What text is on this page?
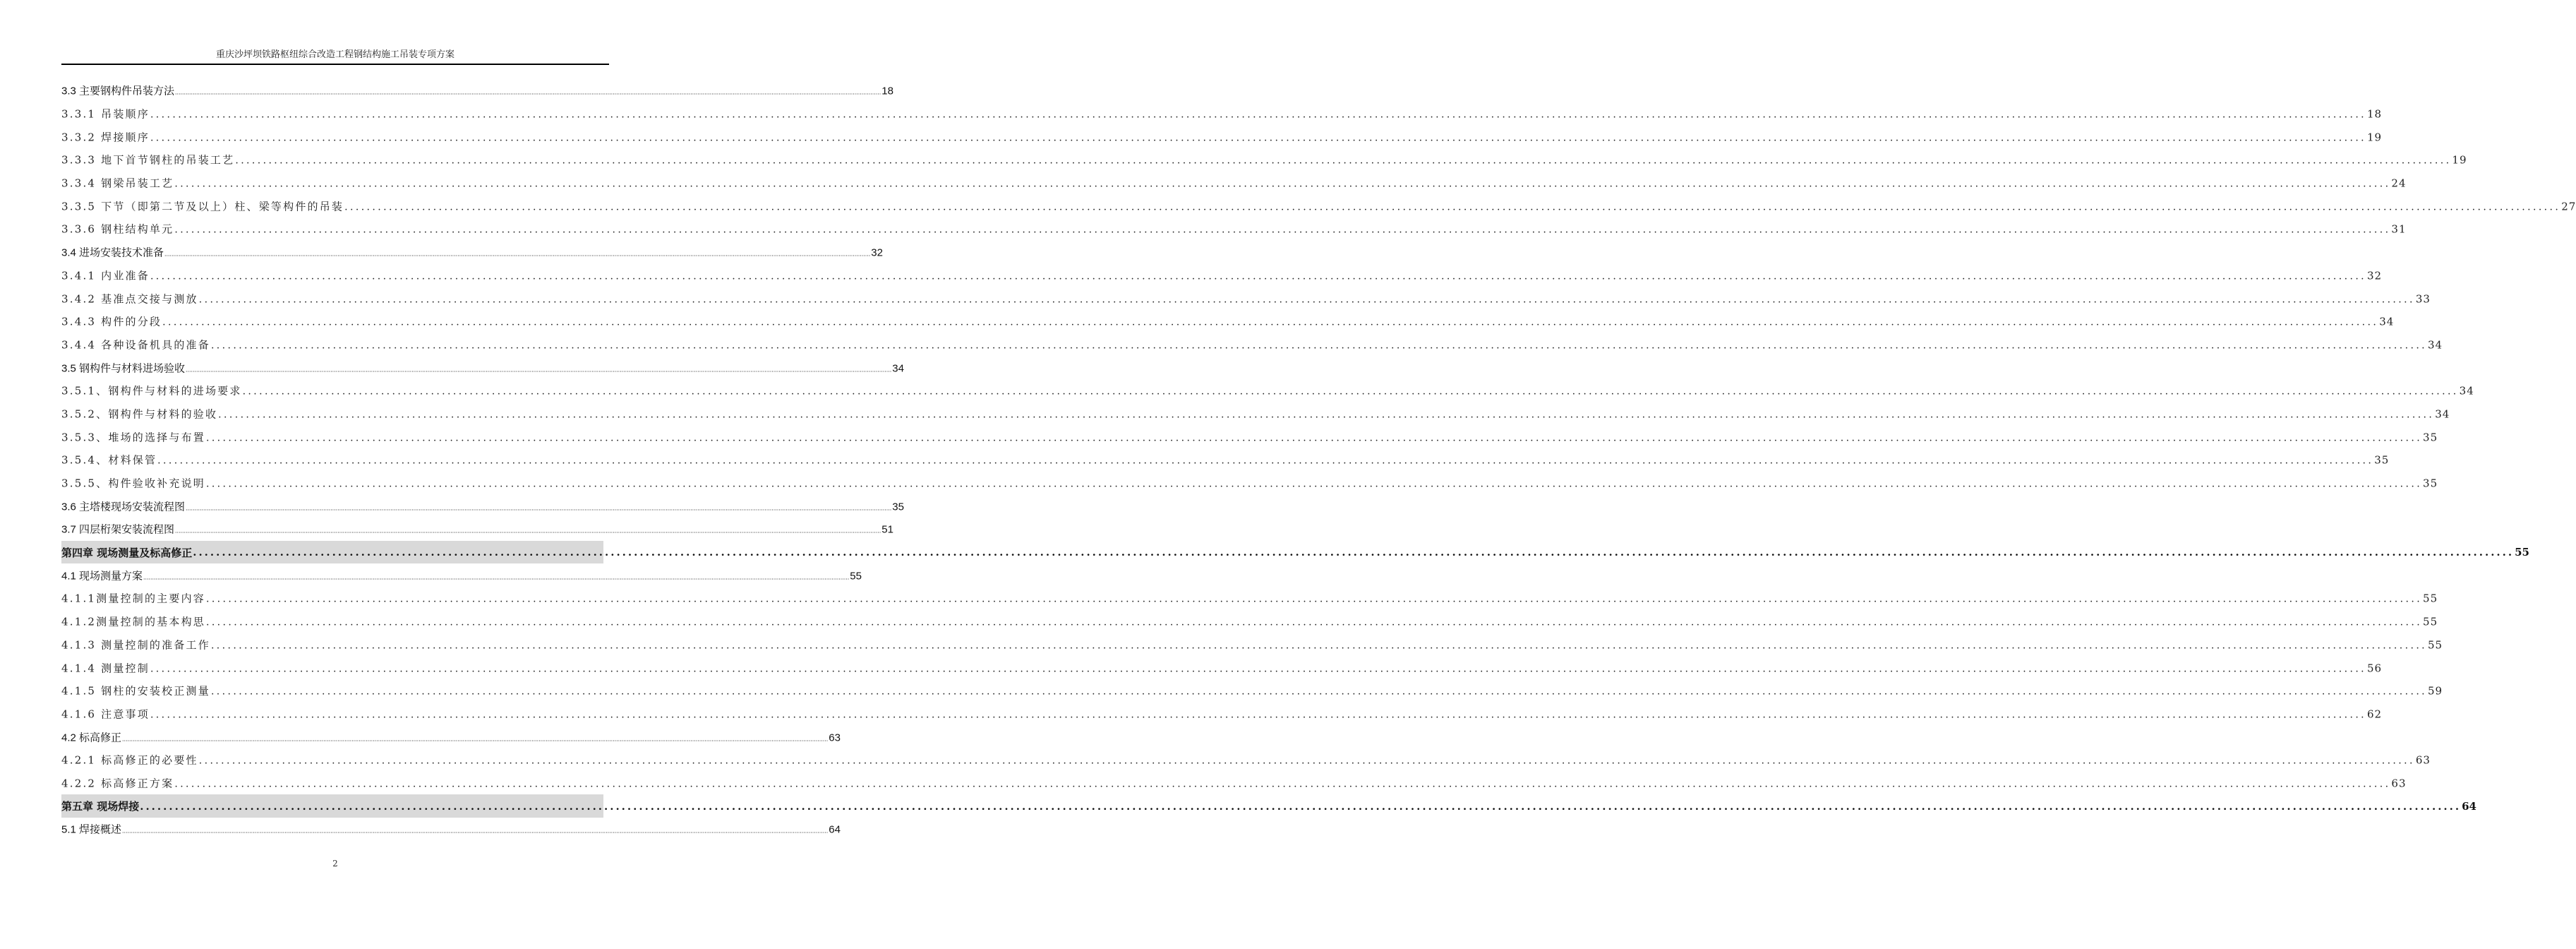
重庆沙坪坝铁路枢纽综合改造工程钢结构施工吊装专项方案
3.3 主要钢构件吊装方法 ................................................................................................................................................................................................................................................................................................................................................................................................................ 18
3.3.1 吊装顺序 ................................................................................................................................................................................................................................................................................................................................................................................................................ 18
3.3.2 焊接顺序 ................................................................................................................................................................................................................................................................................................................................................................................................................ 19
3.3.3 地下首节钢柱的吊装工艺 ................................................................................................................................................................................................................................................................................................................................................................................................................ 19
3.3.4 钢梁吊装工艺 ................................................................................................................................................................................................................................................................................................................................................................................................................ 24
3.3.5 下节（即第二节及以上）柱、梁等构件的吊装 ................................................................................................................................................................................................................................................................................................................................................................................................................ 27
3.3.6 钢柱结构单元 ................................................................................................................................................................................................................................................................................................................................................................................................................ 31
3.4 进场安装技术准备 ................................................................................................................................................................................................................................................................................................................................................................................................................ 32
3.4.1 内业准备 ................................................................................................................................................................................................................................................................................................................................................................................................................ 32
3.4.2 基准点交接与测放 ................................................................................................................................................................................................................................................................................................................................................................................................................ 33
3.4.3 构件的分段 ................................................................................................................................................................................................................................................................................................................................................................................................................ 34
3.4.4 各种设备机具的准备 ................................................................................................................................................................................................................................................................................................................................................................................................................ 34
3.5 钢构件与材料进场验收 ................................................................................................................................................................................................................................................................................................................................................................................................................ 34
3.5.1、钢构件与材料的进场要求 ................................................................................................................................................................................................................................................................................................................................................................................................................ 34
3.5.2、钢构件与材料的验收 ................................................................................................................................................................................................................................................................................................................................................................................................................ 34
3.5.3、堆场的选择与布置 ................................................................................................................................................................................................................................................................................................................................................................................................................ 35
3.5.4、材料保管 ................................................................................................................................................................................................................................................................................................................................................................................................................ 35
3.5.5、构件验收补充说明 ................................................................................................................................................................................................................................................................................................................................................................................................................ 35
3.6 主塔楼现场安装流程图 ................................................................................................................................................................................................................................................................................................................................................................................................................ 35
3.7 四层桁架安装流程图 ................................................................................................................................................................................................................................................................................................................................................................................................................ 51
第四章 现场测量及标高修正 ................................................................................................................................................................................................................................................................................................................................................................................................................ 55
4.1 现场测量方案 ................................................................................................................................................................................................................................................................................................................................................................................................................ 55
4.1.1测量控制的主要内容 ................................................................................................................................................................................................................................................................................................................................................................................................................ 55
4.1.2测量控制的基本构思 ................................................................................................................................................................................................................................................................................................................................................................................................................ 55
4.1.3 测量控制的准备工作 ................................................................................................................................................................................................................................................................................................................................................................................................................ 55
4.1.4 测量控制 ................................................................................................................................................................................................................................................................................................................................................................................................................ 56
4.1.5 钢柱的安装校正测量 ................................................................................................................................................................................................................................................................................................................................................................................................................ 59
4.1.6 注意事项 ................................................................................................................................................................................................................................................................................................................................................................................................................ 62
4.2 标高修正 ................................................................................................................................................................................................................................................................................................................................................................................................................ 63
4.2.1 标高修正的必要性 ................................................................................................................................................................................................................................................................................................................................................................................................................ 63
4.2.2 标高修正方案 ................................................................................................................................................................................................................................................................................................................................................................................................................ 63
第五章 现场焊接 ................................................................................................................................................................................................................................................................................................................................................................................................................ 64
5.1 焊接概述 ................................................................................................................................................................................................................................................................................................................................................................................................................ 64
2
